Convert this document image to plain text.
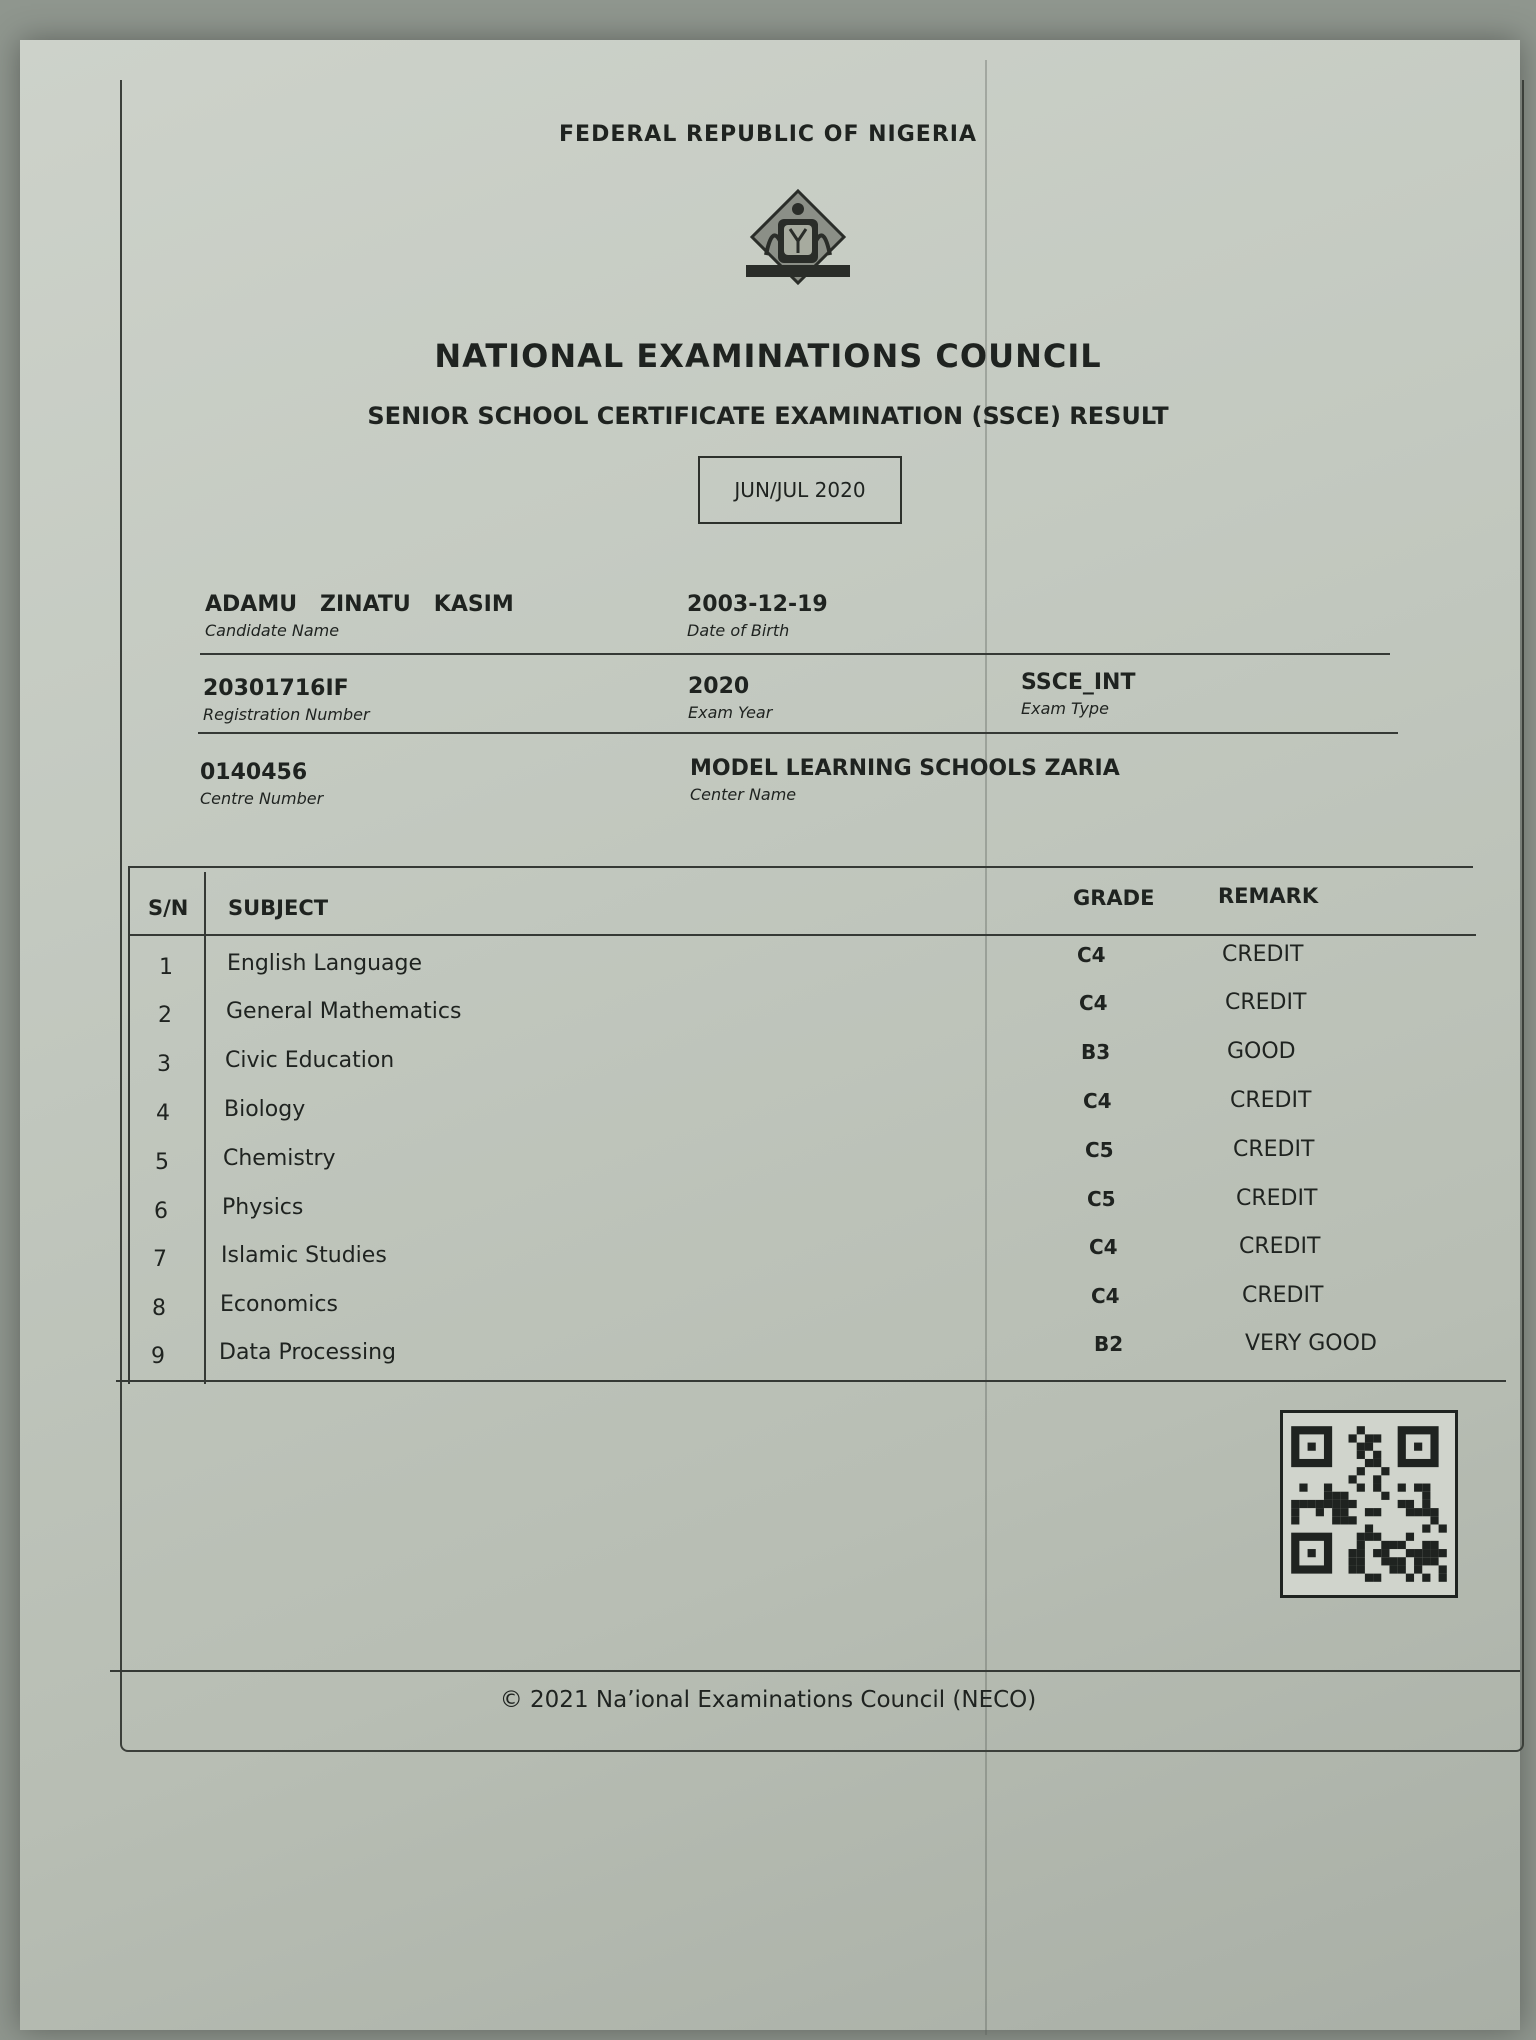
FEDERAL REPUBLIC OF NIGERIA
NATIONAL EXAMINATIONS COUNCIL
SENIOR SCHOOL CERTIFICATE EXAMINATION (SSCE) RESULT
JUN/JUL 2020
ADAMU   ZINATU   KASIM
Candidate Name
2003-12-19
Date of Birth
20301716IF
Registration Number
2020
Exam Year
SSCE_INT
Exam Type
0140456
Centre Number
MODEL LEARNING SCHOOLS ZARIA
Center Name
S/N SUBJECT	GRADE	REMARK
1	English Language	C4	CREDIT
2	General Mathematics	C4	CREDIT
3	Civic Education	B3	GOOD
4	Biology	C4	CREDIT
5	Chemistry	C5	CREDIT
6	Physics	C5	CREDIT
7	Islamic Studies	C4	CREDIT
8	Economics	C4	CREDIT
9	Data Processing	B2	VERY GOOD
© 2021 Na’ional Examinations Council (NECO)
